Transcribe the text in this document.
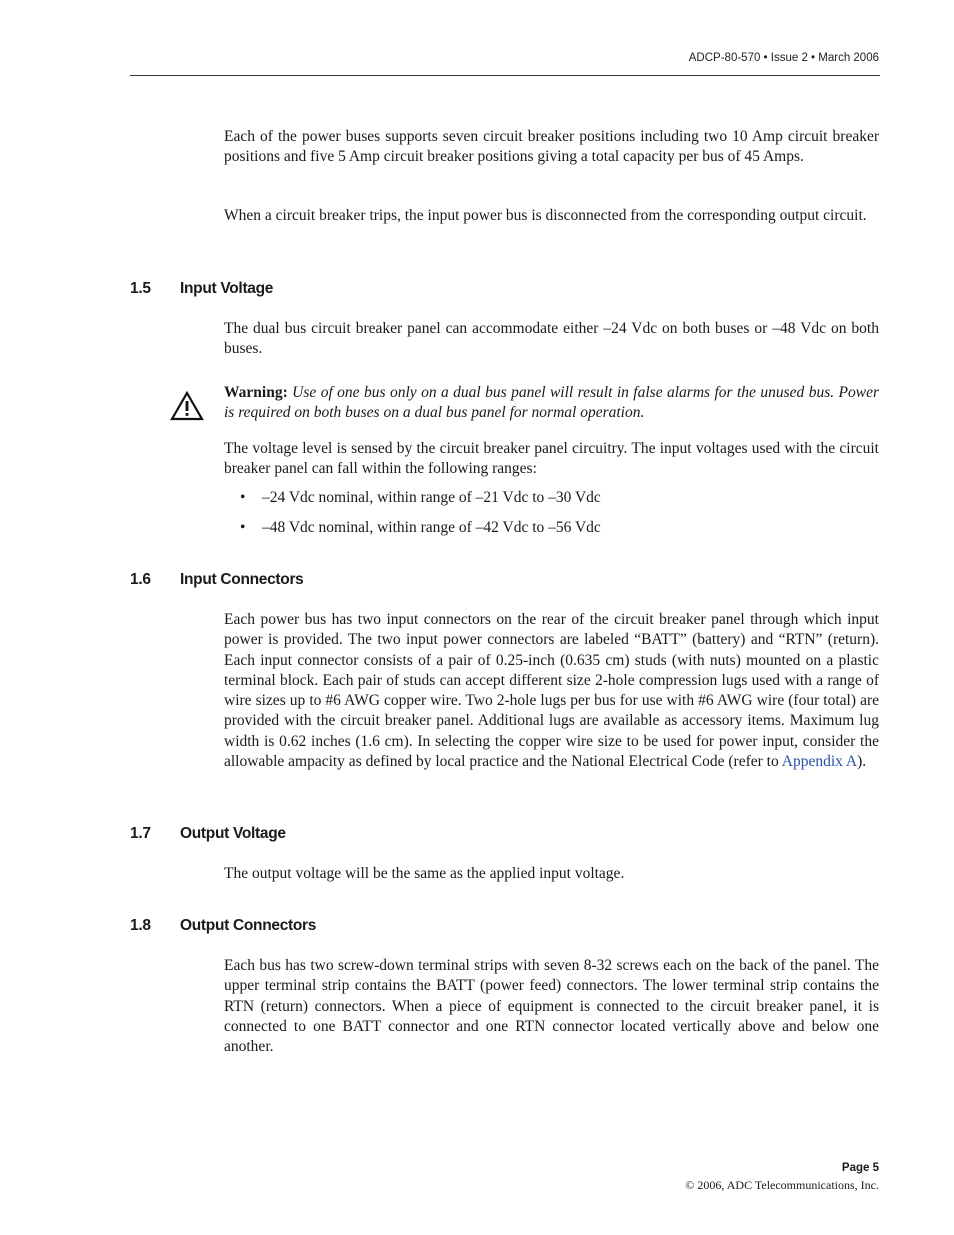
ADCP-80-570 • Issue 2 • March 2006

Each of the power buses supports seven circuit breaker positions including two 10 Amp circuit breaker positions and five 5 Amp circuit breaker positions giving a total capacity per bus of 45 Amps.

When a circuit breaker trips, the input power bus is disconnected from the corresponding output circuit.

1.5 Input Voltage

The dual bus circuit breaker panel can accommodate either –24 Vdc on both buses or –48 Vdc on both buses.

Warning: Use of one bus only on a dual bus panel will result in false alarms for the unused bus. Power is required on both buses on a dual bus panel for normal operation.

The voltage level is sensed by the circuit breaker panel circuitry. The input voltages used with the circuit breaker panel can fall within the following ranges:

• –24 Vdc nominal, within range of –21 Vdc to –30 Vdc
• –48 Vdc nominal, within range of –42 Vdc to –56 Vdc
1.6 Input Connectors

Each power bus has two input connectors on the rear of the circuit breaker panel through which input power is provided. The two input power connectors are labeled “BATT” (battery) and “RTN” (return). Each input connector consists of a pair of 0.25-inch (0.635 cm) studs (with nuts) mounted on a plastic terminal block. Each pair of studs can accept different size 2-hole compression lugs used with a range of wire sizes up to #6 AWG copper wire. Two 2-hole lugs per bus for use with #6 AWG wire (four total) are provided with the circuit breaker panel. Additional lugs are available as accessory items. Maximum lug width is 0.62 inches (1.6 cm). In selecting the copper wire size to be used for power input, consider the allowable ampacity as defined by local practice and the National Electrical Code (refer to Appendix A).

1.7 Output Voltage

The output voltage will be the same as the applied input voltage.

1.8 Output Connectors

Each bus has two screw-down terminal strips with seven 8-32 screws each on the back of the panel. The upper terminal strip contains the BATT (power feed) connectors. The lower terminal strip contains the RTN (return) connectors. When a piece of equipment is connected to the circuit breaker panel, it is connected to one BATT connector and one RTN connector located vertically above and below one another.

Page 5
© 2006, ADC Telecommunications, Inc.
